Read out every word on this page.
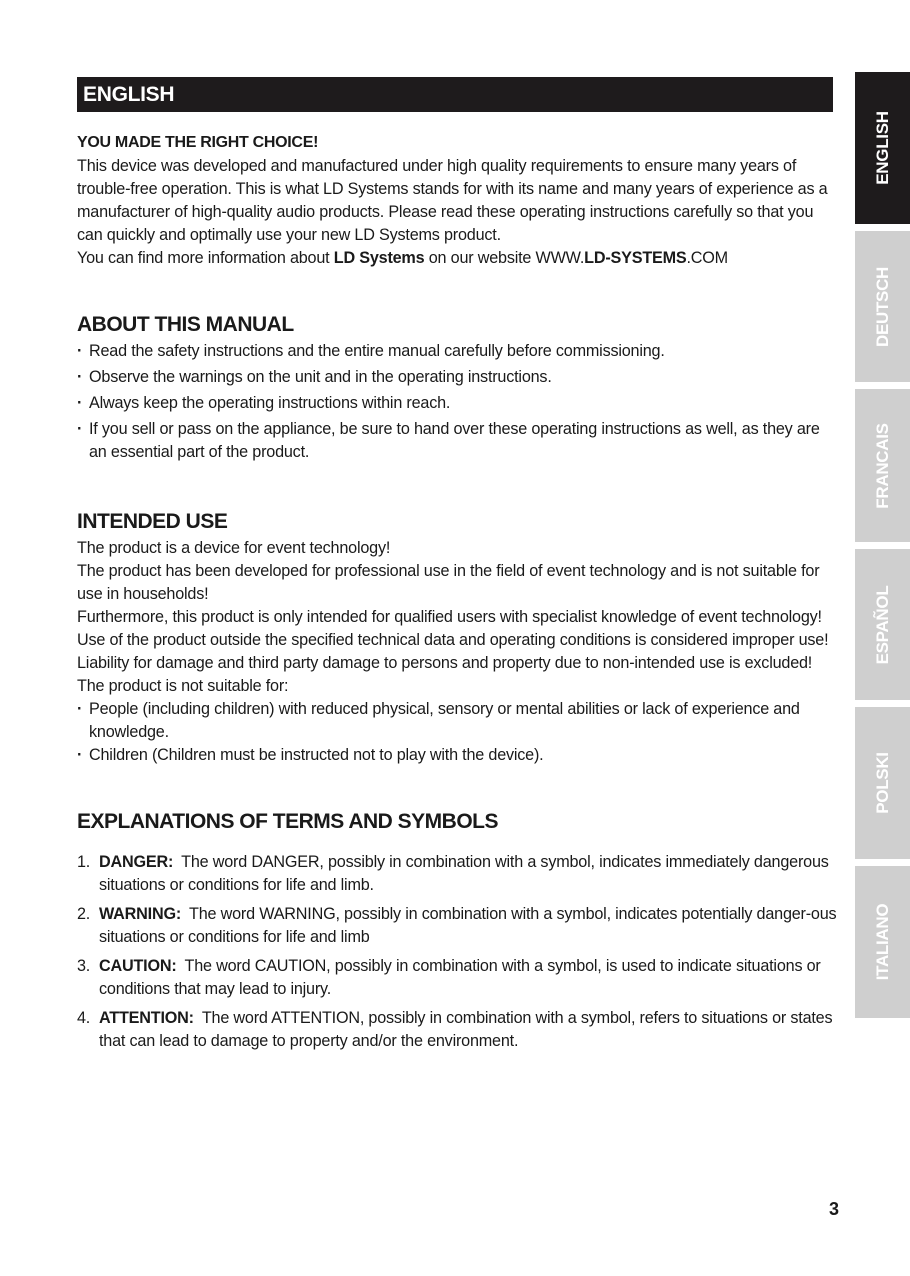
ENGLISH

YOU MADE THE RIGHT CHOICE!

This device was developed and manufactured under high quality requirements to ensure many years of trouble-free operation. This is what LD Systems stands for with its name and many years of experience as a manufacturer of high-quality audio products. Please read these operating instructions carefully so that you can quickly and optimally use your new LD Systems product.

You can find more information about LD Systems on our website WWW.LD-SYSTEMS.COM

ABOUT THIS MANUAL
· Read the safety instructions and the entire manual carefully before commissioning.
· Observe the warnings on the unit and in the operating instructions.
· Always keep the operating instructions within reach.
· If you sell or pass on the appliance, be sure to hand over these operating instructions as well, as they are an essential part of the product.
INTENDED USE

The product is a device for event technology!

The product has been developed for professional use in the field of event technology and is not suitable for use in households!

Furthermore, this product is only intended for qualified users with specialist knowledge of event technology!

Use of the product outside the specified technical data and operating conditions is considered improper use! Liability for damage and third party damage to persons and property due to non-intended use is excluded!

The product is not suitable for:

· People (including children) with reduced physical, sensory or mental abilities or lack of experience and knowledge.
· Children (Children must be instructed not to play with the device).
EXPLANATIONS OF TERMS AND SYMBOLS
1. DANGER: The word DANGER, possibly in combination with a symbol, indicates immediately dangerous situations or conditions for life and limb.
2. WARNING: The word WARNING, possibly in combination with a symbol, indicates potentially danger-ous situations or conditions for life and limb
3. CAUTION: The word CAUTION, possibly in combination with a symbol, is used to indicate situations or conditions that may lead to injury.
4. ATTENTION: The word ATTENTION, possibly in combination with a symbol, refers to situations or states that can lead to damage to property and/or the environment.
ENGLISH
DEUTSCH
FRANCAIS
ESPAÑOL
POLSKI
ITALIANO
3
